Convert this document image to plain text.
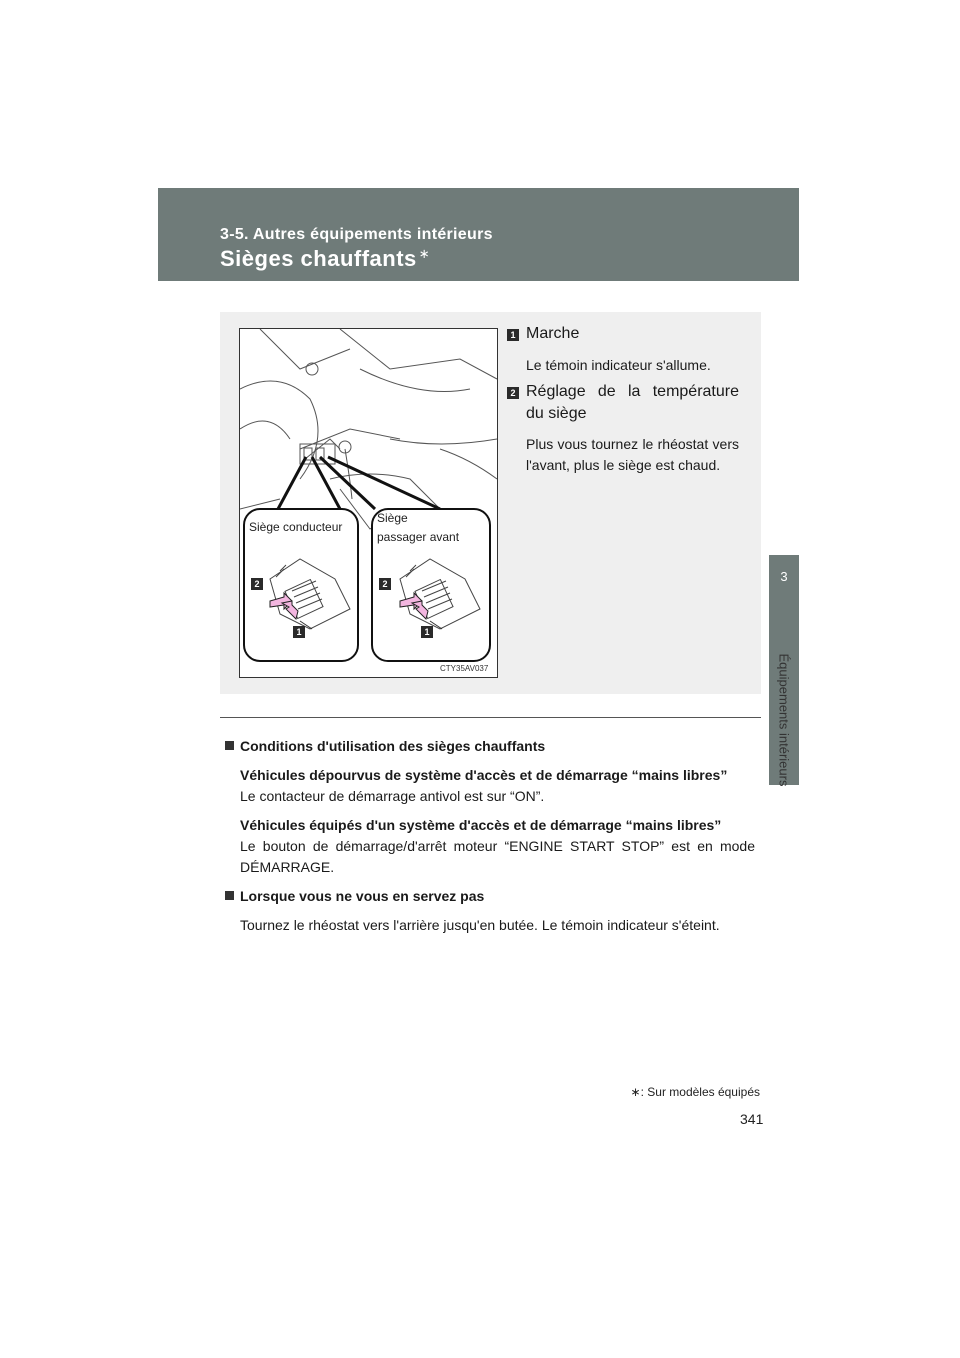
3-5. Autres équipements intérieurs
Sièges chauffants ∗
3
Équipements intérieurs
Siège conducteur
Siège
passager avant
CTY35AV037
2
1
2
1
1 Marche
Le témoin indicateur s'allume.
2 Réglage de la température
du siège
Plus vous tournez le rhéostat vers l'avant, plus le siège est chaud.

Conditions d'utilisation des sièges chauffants

Véhicules dépourvus de système d'accès et de démarrage “mains libres”

Le contacteur de démarrage antivol est sur “ON”.

Véhicules équipés d'un système d'accès et de démarrage “mains libres”

Le bouton de démarrage/d'arrêt moteur “ENGINE START STOP” est en mode DÉMARRAGE.

Lorsque vous ne vous en servez pas

Tournez le rhéostat vers l'arrière jusqu'en butée. Le témoin indicateur s'éteint.

∗: Sur modèles équipés
341
